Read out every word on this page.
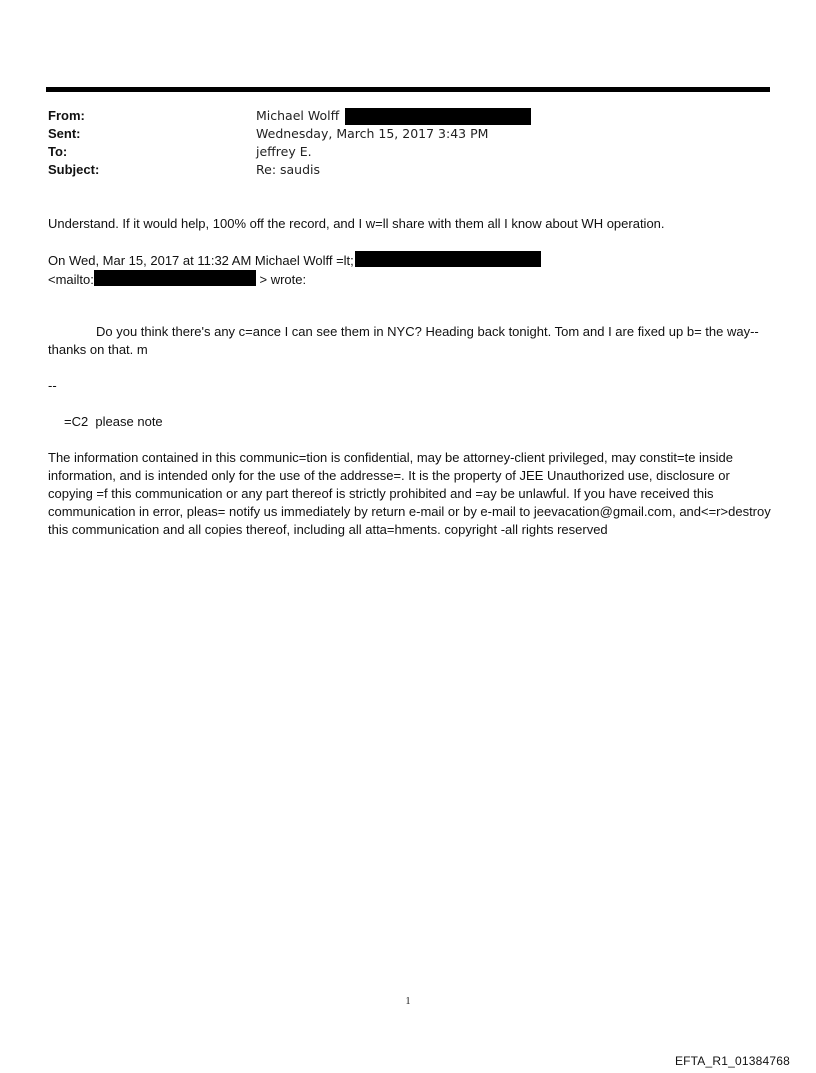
From:	Michael Wolff
Sent:	Wednesday, March 15, 2017 3:43 PM
To:	jeffrey E.
Subject:	Re: saudis
Understand. If it would help, 100% off the record, and I w=ll share with them all I know about WH operation.
On Wed, Mar 15, 2017 at 11:32 AM Michael Wolff =lt;
<mailto:	> wrote:
Do you think there's any c=ance I can see them in NYC? Heading back tonight. Tom and I are fixed up b= the way--thanks on that. m
--
=C2  please note
The information contained in this communic=tion is confidential, may be attorney-client privileged, may constit=te inside information, and is intended only for the use of the addresse=. It is the property of JEE Unauthorized use, disclosure or copying =f this communication or any part thereof is strictly prohibited and =ay be unlawful. If you have received this communication in error, pleas= notify us immediately by return e-mail or by e-mail to jeevacation@gmail.com, and<=r>destroy this communication and all copies thereof, including all atta=hments. copyright -all rights reserved
1
EFTA_R1_01384768
